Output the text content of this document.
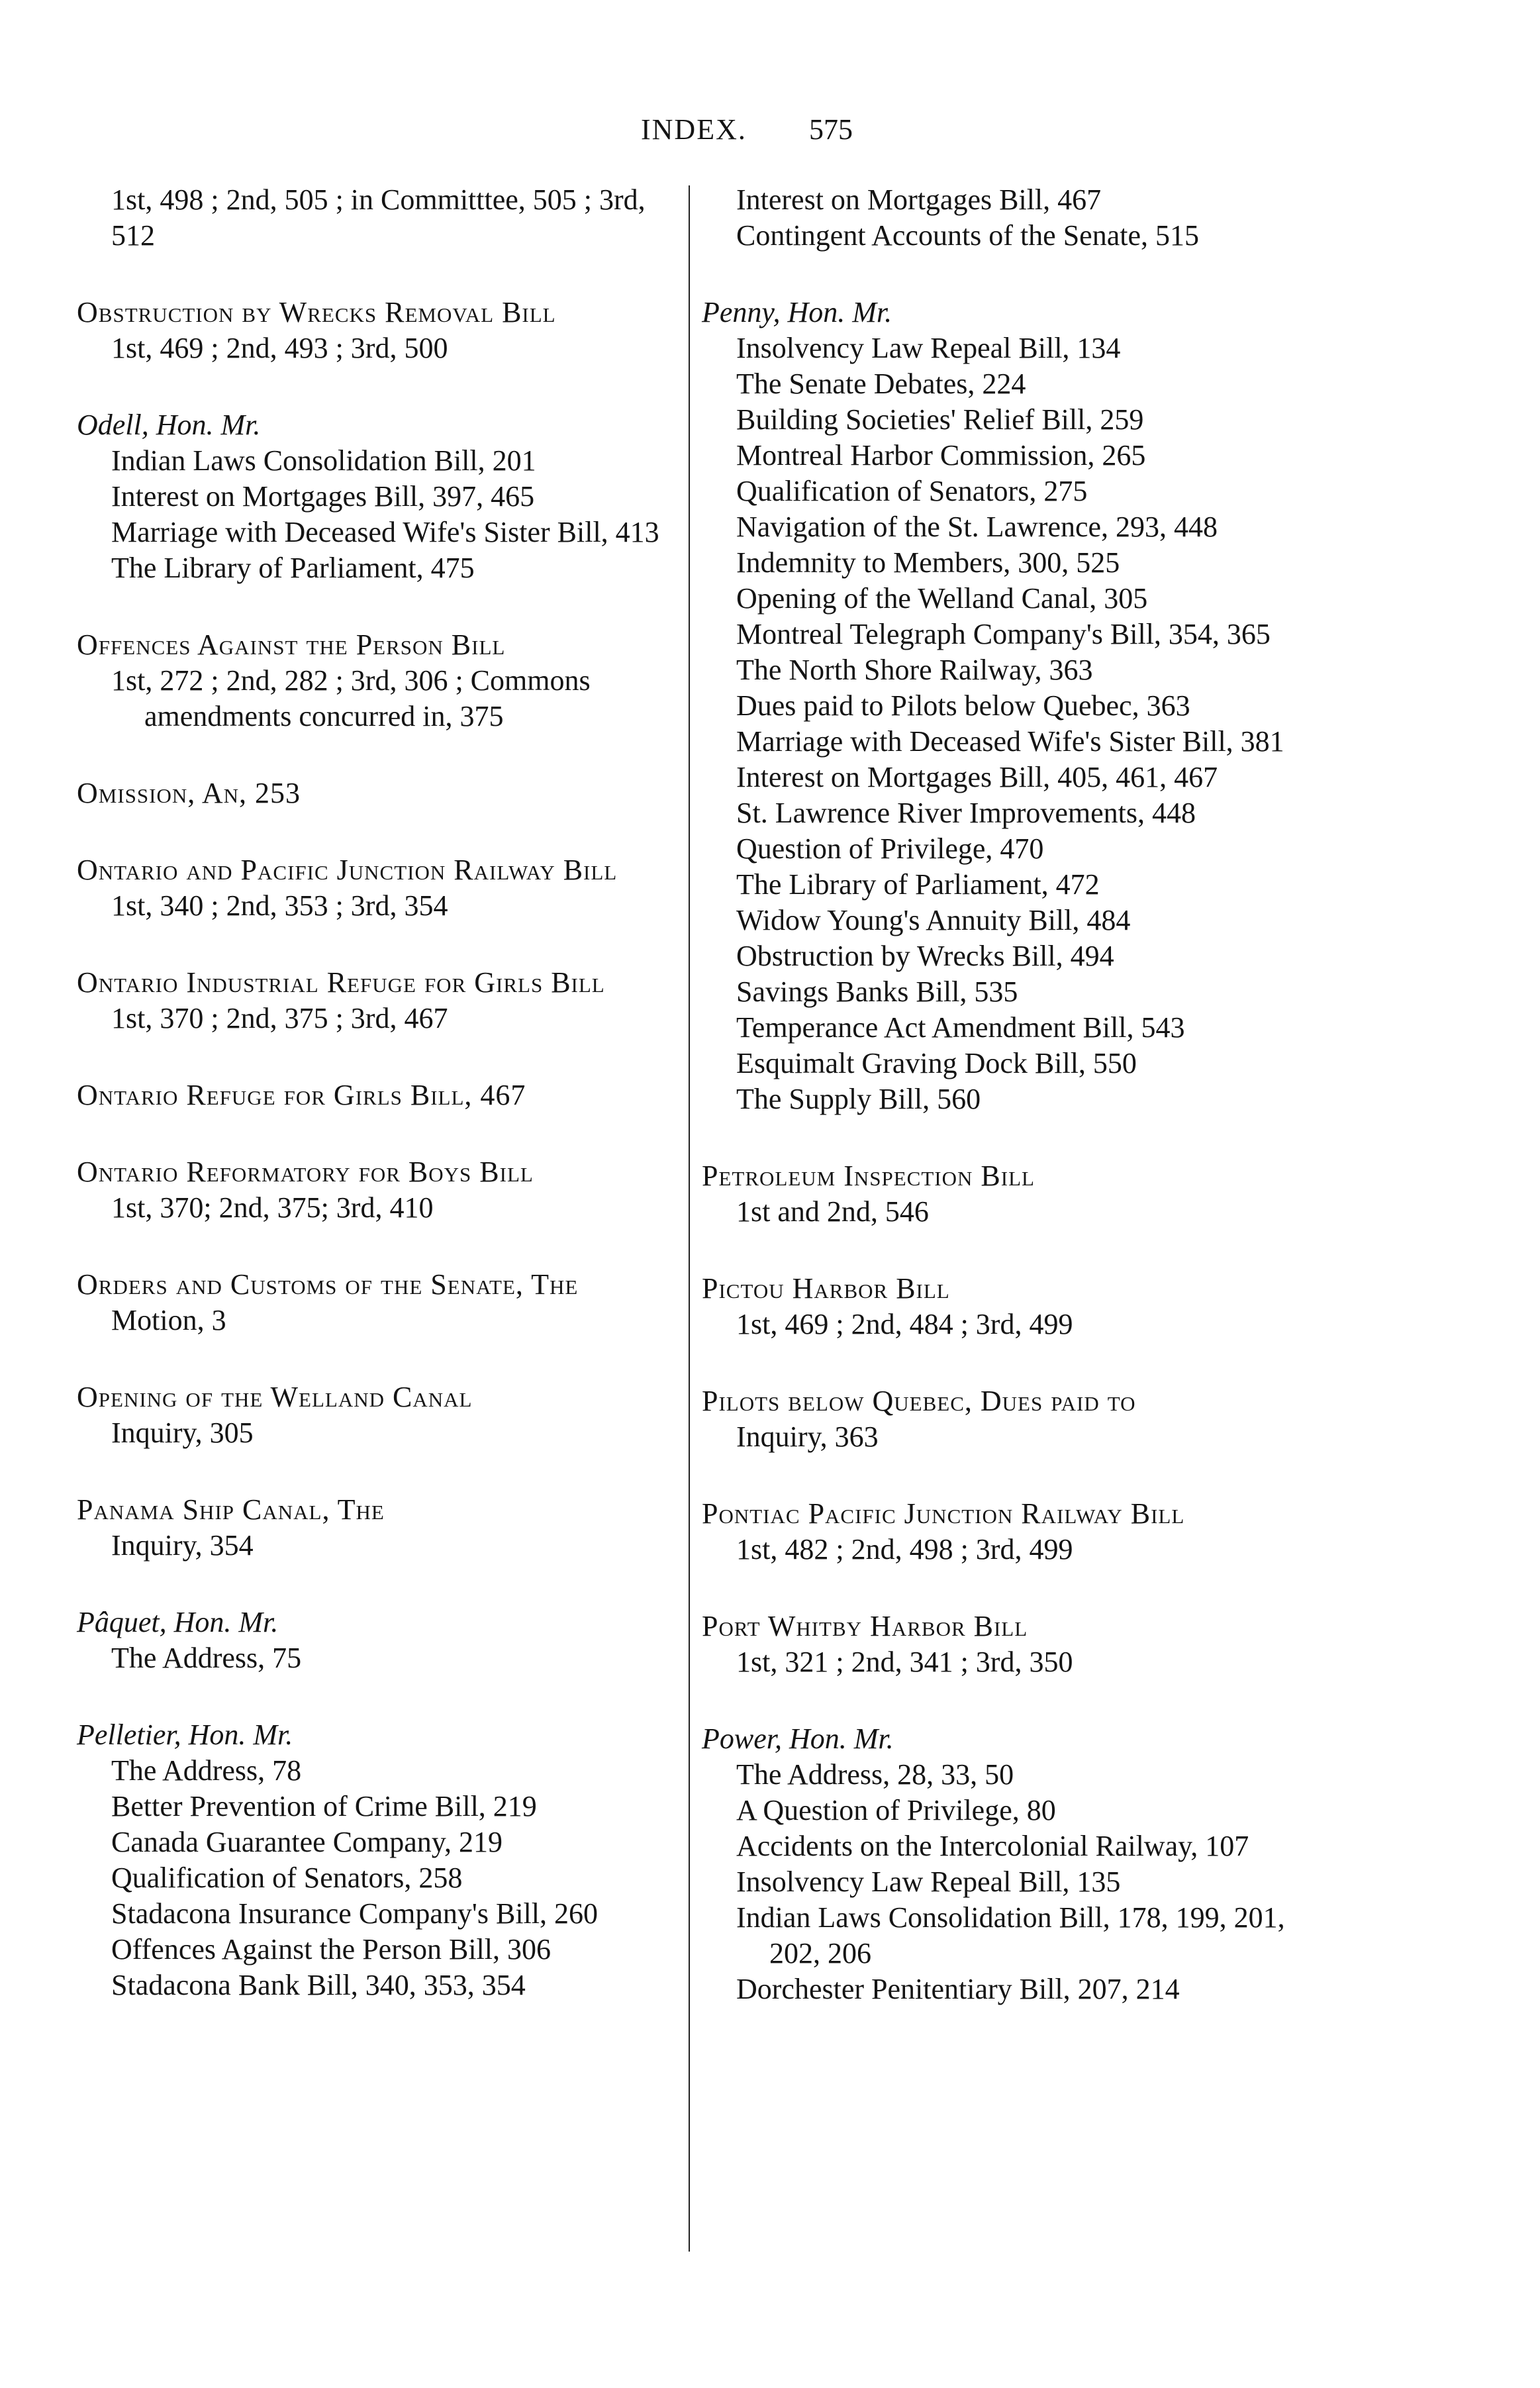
INDEX. 575
1st, 498 ; 2nd, 505 ; in Committtee, 505 ; 3rd, 512
Obstruction by Wrecks Removal Bill
1st, 469 ; 2nd, 493 ; 3rd, 500
Odell, Hon. Mr.
Indian Laws Consolidation Bill, 201
Interest on Mortgages Bill, 397, 465
Marriage with Deceased Wife's Sister Bill, 413
The Library of Parliament, 475
Offences Against the Person Bill
1st, 272 ; 2nd, 282 ; 3rd, 306 ; Commons amendments concurred in, 375
Omission, An, 253
Ontario and Pacific Junction Railway Bill
1st, 340 ; 2nd, 353 ; 3rd, 354
Ontario Industrial Refuge for Girls Bill
1st, 370 ; 2nd, 375 ; 3rd, 467
Ontario Refuge for Girls Bill, 467
Ontario Reformatory for Boys Bill
1st, 370; 2nd, 375; 3rd, 410
Orders and Customs of the Senate, The
Motion, 3
Opening of the Welland Canal
Inquiry, 305
Panama Ship Canal, The
Inquiry, 354
Pâquet, Hon. Mr.
The Address, 75
Pelletier, Hon. Mr.
The Address, 78
Better Prevention of Crime Bill, 219
Canada Guarantee Company, 219
Qualification of Senators, 258
Stadacona Insurance Company's Bill, 260
Offences Against the Person Bill, 306
Stadacona Bank Bill, 340, 353, 354
Interest on Mortgages Bill, 467
Contingent Accounts of the Senate, 515
Penny, Hon. Mr.
Insolvency Law Repeal Bill, 134
The Senate Debates, 224
Building Societies' Relief Bill, 259
Montreal Harbor Commission, 265
Qualification of Senators, 275
Navigation of the St. Lawrence, 293, 448
Indemnity to Members, 300, 525
Opening of the Welland Canal, 305
Montreal Telegraph Company's Bill, 354, 365
The North Shore Railway, 363
Dues paid to Pilots below Quebec, 363
Marriage with Deceased Wife's Sister Bill, 381
Interest on Mortgages Bill, 405, 461, 467
St. Lawrence River Improvements, 448
Question of Privilege, 470
The Library of Parliament, 472
Widow Young's Annuity Bill, 484
Obstruction by Wrecks Bill, 494
Savings Banks Bill, 535
Temperance Act Amendment Bill, 543
Esquimalt Graving Dock Bill, 550
The Supply Bill, 560
Petroleum Inspection Bill
1st and 2nd, 546
Pictou Harbor Bill
1st, 469 ; 2nd, 484 ; 3rd, 499
Pilots below Quebec, Dues paid to
Inquiry, 363
Pontiac Pacific Junction Railway Bill
1st, 482 ; 2nd, 498 ; 3rd, 499
Port Whitby Harbor Bill
1st, 321 ; 2nd, 341 ; 3rd, 350
Power, Hon. Mr.
The Address, 28, 33, 50
A Question of Privilege, 80
Accidents on the Intercolonial Railway, 107
Insolvency Law Repeal Bill, 135
Indian Laws Consolidation Bill, 178, 199, 201, 202, 206
Dorchester Penitentiary Bill, 207, 214
